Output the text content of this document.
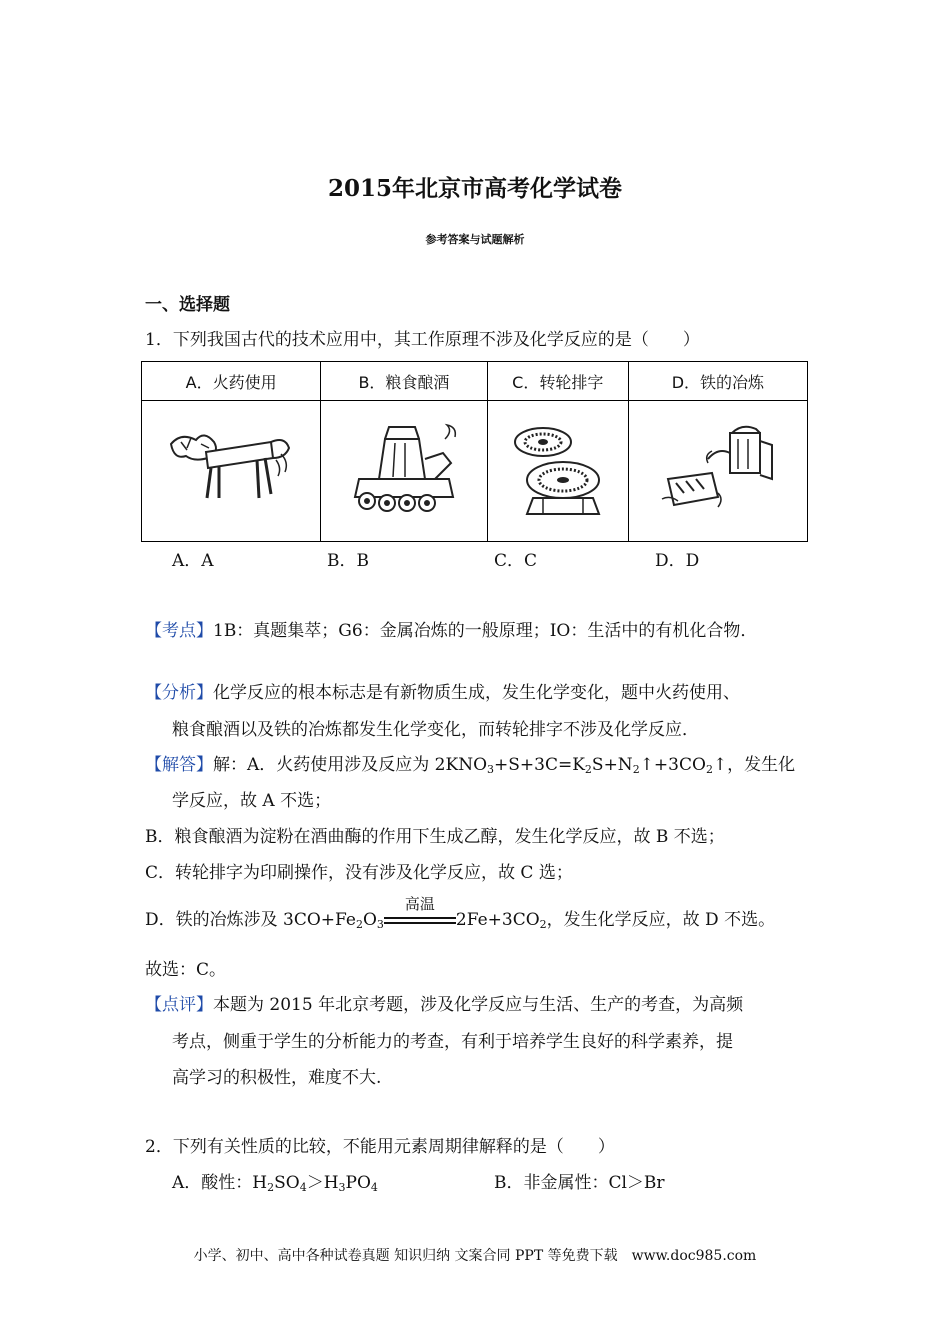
2015年北京市高考化学试卷
参考答案与试题解析
一、选择题
1．下列我国古代的技术应用中，其工作原理不涉及化学反应的是（　　）
A．火药使用	B．粮食酿酒	C．转轮排字	D．铁的冶炼

A．A	B．B	C．C	D．D
【考点】1B：真题集萃；G6：金属冶炼的一般原理；IO：生活中的有机化合物．
【分析】化学反应的根本标志是有新物质生成，发生化学变化，题中火药使用、
粮食酿酒以及铁的冶炼都发生化学变化，而转轮排字不涉及化学反应．
【解答】解：A．火药使用涉及反应为 $2KNO_3+S+3C=K_2S+N_2↑+3CO_2↑$，发生化
学反应，故 A 不选；
B．粮食酿酒为淀粉在酒曲酶的作用下生成乙醇，发生化学反应，故 B 不选；
C．转轮排字为印刷操作，没有涉及化学反应，故 C 选；
D．铁的冶炼涉及 $3CO+Fe_2O_3$
高温
$2Fe+3CO_2$，发生化学反应，故 D 不选。
故选：C。
【点评】本题为 2015 年北京考题，涉及化学反应与生活、生产的考查，为高频
考点，侧重于学生的分析能力的考查，有利于培养学生良好的科学素养，提
高学习的积极性，难度不大.
2．下列有关性质的比较，不能用元素周期律解释的是（　　）
A．酸性：$H_2SO_4>H_3PO_4$	B．非金属性：Cl＞Br
小学、初中、高中各种试卷真题 知识归纳 文案合同 PPT 等免费下载　www.doc985.com
